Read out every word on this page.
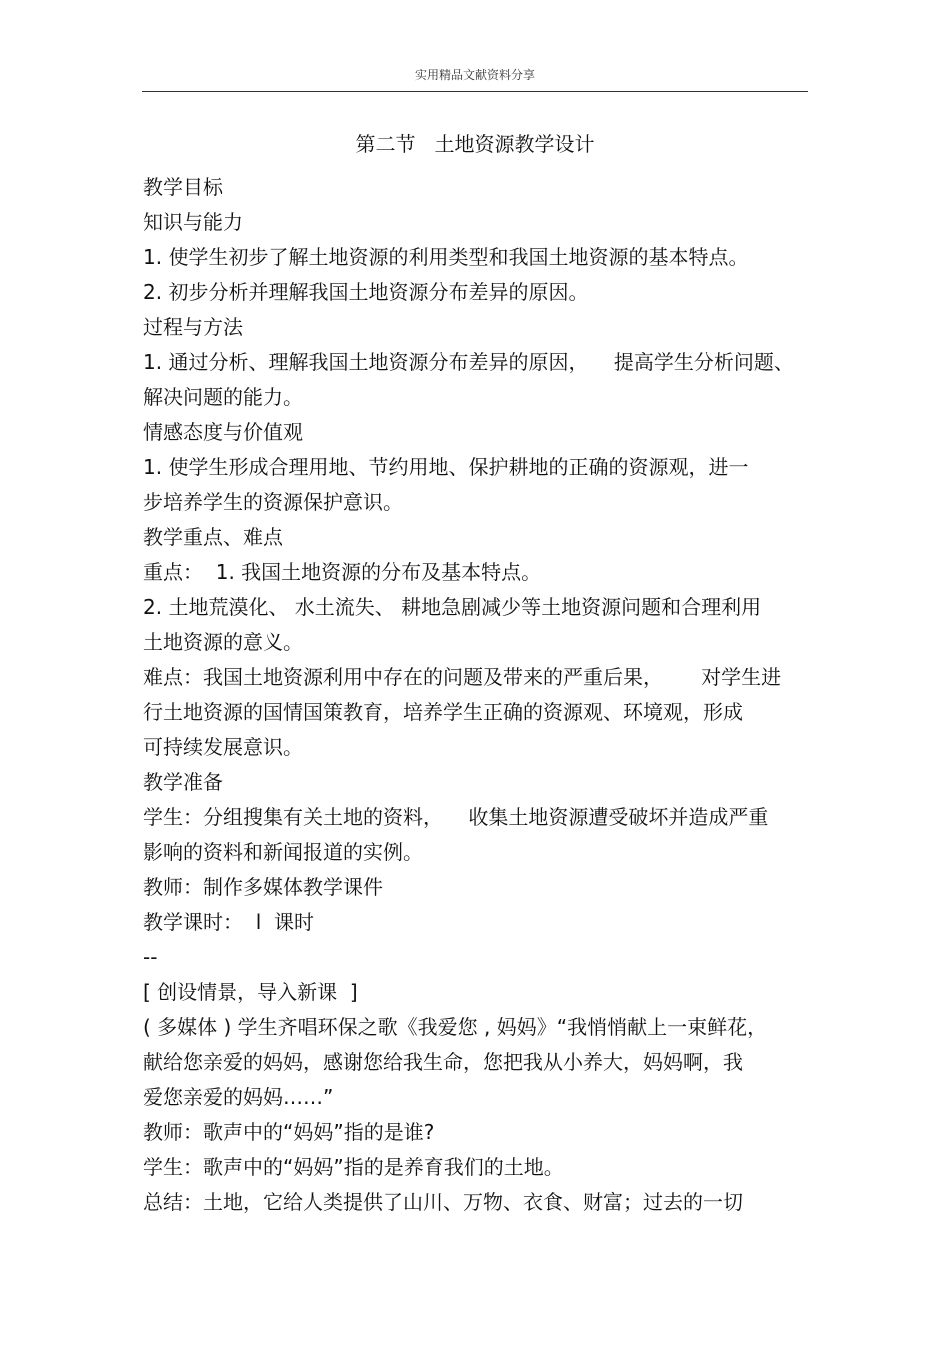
实用精品文献资料分享
第二节   土地资源教学设计
教学目标
知识与能力
1. 使学生初步了解土地资源的利用类型和我国土地资源的基本特点。
2. 初步分析并理解我国土地资源分布差异的原因。
过程与方法
1. 通过分析、理解我国土地资源分布差异的原因，    提高学生分析问题、
解决问题的能力。
情感态度与价值观
1. 使学生形成合理用地、节约用地、保护耕地的正确的资源观，进一
步培养学生的资源保护意识。
教学重点、难点
重点：  1. 我国土地资源的分布及基本特点。
2. 土地荒漠化、 水土流失、 耕地急剧减少等土地资源问题和合理利用
土地资源的意义。
难点：我国土地资源利用中存在的问题及带来的严重后果，      对学生进
行土地资源的国情国策教育，培养学生正确的资源观、环境观，形成
可持续发展意识。
教学准备
学生：分组搜集有关土地的资料，    收集土地资源遭受破坏并造成严重
影响的资料和新闻报道的实例。
教师：制作多媒体教学课件
教学课时：  l  课时
--
[ 创设情景，导入新课  ]
( 多媒体 ) 学生齐唱环保之歌《我爱您 , 妈妈》“我悄悄献上一束鲜花，
献给您亲爱的妈妈，感谢您给我生命，您把我从小养大，妈妈啊，我
爱您亲爱的妈妈……”
教师：歌声中的“妈妈”指的是谁?
学生：歌声中的“妈妈”指的是养育我们的土地。
总结：土地，它给人类提供了山川、万物、衣食、财富；过去的一切
